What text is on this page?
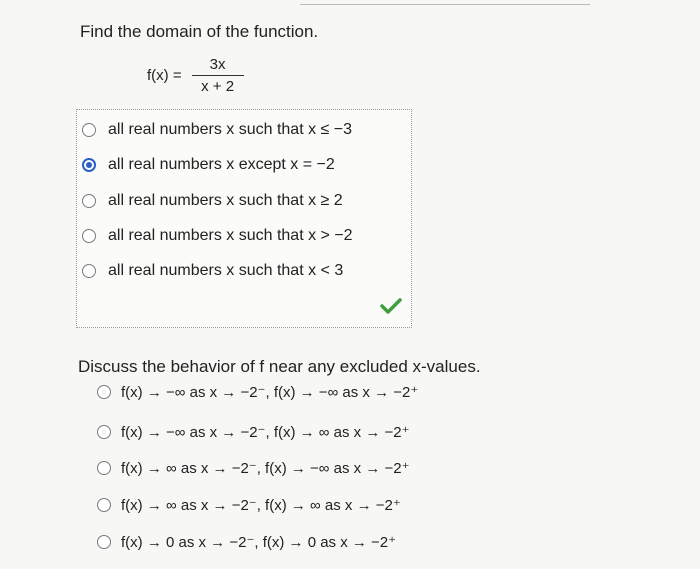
Find the domain of the function.
$f(x) = \frac{3x}{x + 2}$
all real numbers x such that x ≤ −3
all real numbers x except x = −2
all real numbers x such that x ≥ 2
all real numbers x such that x > −2
all real numbers x such that x < 3
Discuss the behavior of f near any excluded x-values.
f(x) → −∞ as x → −2⁻, f(x) → −∞ as x → −2⁺
f(x) → −∞ as x → −2⁻, f(x) → ∞ as x → −2⁺
f(x) → ∞ as x → −2⁻, f(x) → −∞ as x → −2⁺
f(x) → ∞ as x → −2⁻, f(x) → ∞ as x → −2⁺
f(x) → 0 as x → −2⁻, f(x) → 0 as x → −2⁺
